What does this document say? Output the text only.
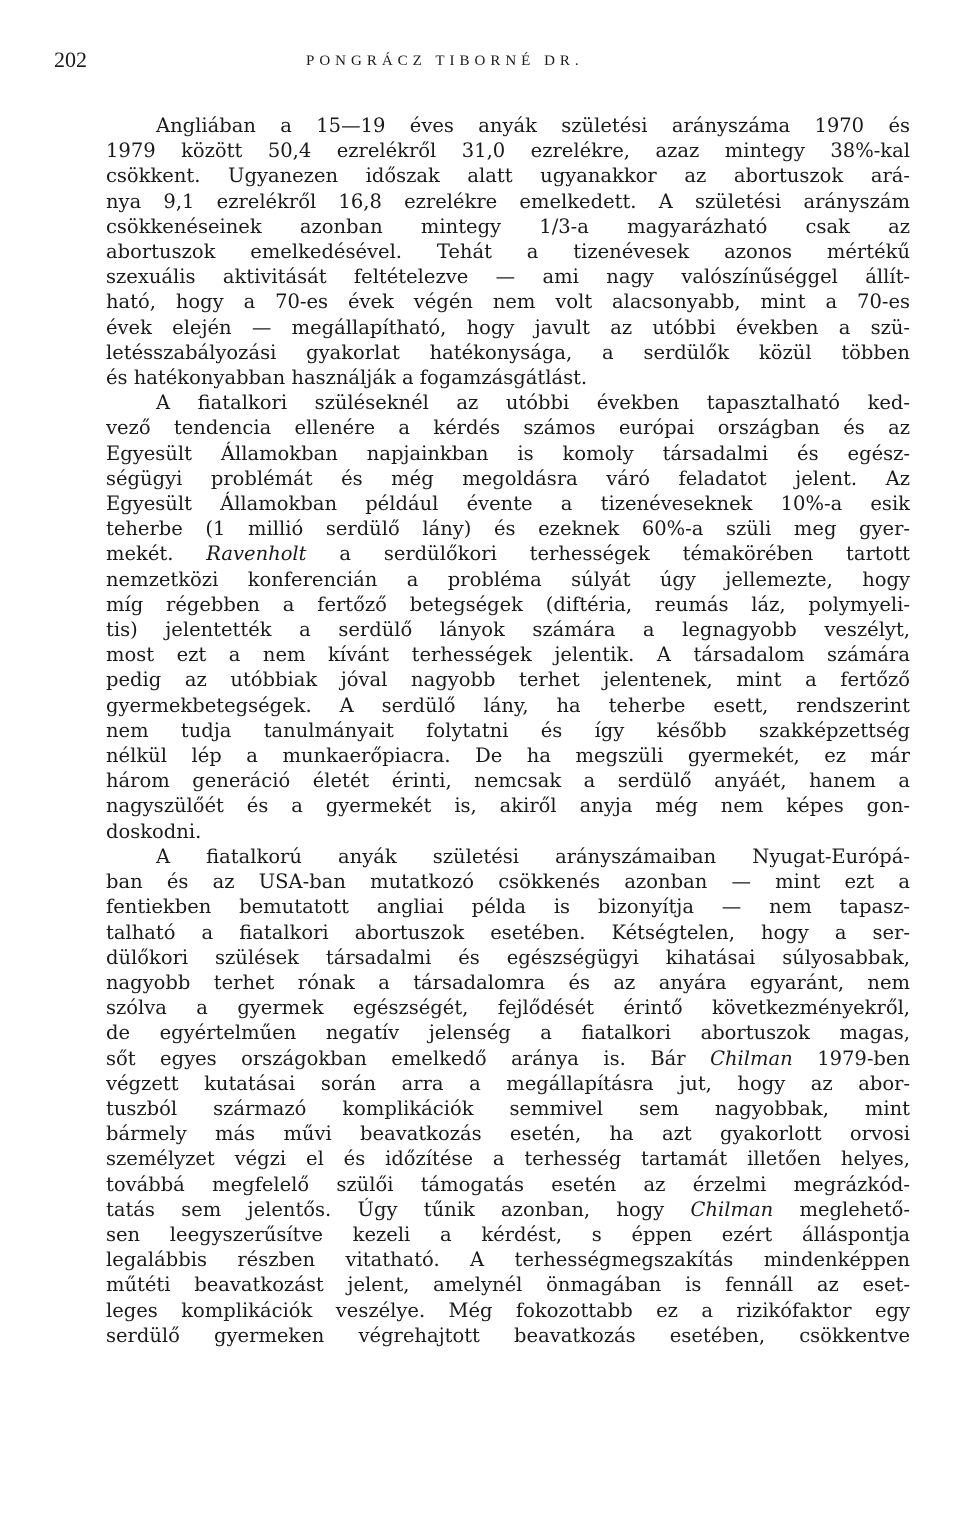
202	PONGRÁCZ TIBORNÉ DR.
Angliában a 15—19 éves anyák születési arányszáma 1970 és
1979 között 50,4 ezrelékről 31,0 ezrelékre, azaz mintegy 38%-kal
csökkent. Ugyanezen időszak alatt ugyanakkor az abortuszok ará-
nya 9,1 ezrelékről 16,8 ezrelékre emelkedett. A születési arányszám
csökkenéseinek azonban mintegy 1/3-a magyarázható csak az
abortuszok emelkedésével. Tehát a tizenévesek azonos mértékű
szexuális aktivitását feltételezve — ami nagy valószínűséggel állít-
ható, hogy a 70-es évek végén nem volt alacsonyabb, mint a 70-es
évek elején — megállapítható, hogy javult az utóbbi években a szü-
letésszabályozási gyakorlat hatékonysága, a serdülők közül többen
és hatékonyabban használják a fogamzásgátlást.
A fiatalkori szüléseknél az utóbbi években tapasztalható ked-
vező tendencia ellenére a kérdés számos európai országban és az
Egyesült Államokban napjainkban is komoly társadalmi és egész-
ségügyi problémát és még megoldásra váró feladatot jelent. Az
Egyesült Államokban például évente a tizenéveseknek 10%-a esik
teherbe (1 millió serdülő lány) és ezeknek 60%-a szüli meg gyer-
mekét. Ravenholt a serdülőkori terhességek témakörében tartott
nemzetközi konferencián a probléma súlyát úgy jellemezte, hogy
míg régebben a fertőző betegségek (diftéria, reumás láz, polymyeli-
tis) jelentették a serdülő lányok számára a legnagyobb veszélyt,
most ezt a nem kívánt terhességek jelentik. A társadalom számára
pedig az utóbbiak jóval nagyobb terhet jelentenek, mint a fertőző
gyermekbetegségek. A serdülő lány, ha teherbe esett, rendszerint
nem tudja tanulmányait folytatni és így később szakképzettség
nélkül lép a munkaerőpiacra. De ha megszüli gyermekét, ez már
három generáció életét érinti, nemcsak a serdülő anyáét, hanem a
nagyszülőét és a gyermekét is, akiről anyja még nem képes gon-
doskodni.
A fiatalkorú anyák születési arányszámaiban Nyugat-Európá-
ban és az USA-ban mutatkozó csökkenés azonban — mint ezt a
fentiekben bemutatott angliai példa is bizonyítja — nem tapasz-
talható a fiatalkori abortuszok esetében. Kétségtelen, hogy a ser-
dülőkori szülések társadalmi és egészségügyi kihatásai súlyosabbak,
nagyobb terhet rónak a társadalomra és az anyára egyaránt, nem
szólva a gyermek egészségét, fejlődését érintő következményekről,
de egyértelműen negatív jelenség a fiatalkori abortuszok magas,
sőt egyes országokban emelkedő aránya is. Bár Chilman 1979-ben
végzett kutatásai során arra a megállapításra jut, hogy az abor-
tuszból származó komplikációk semmivel sem nagyobbak, mint
bármely más művi beavatkozás esetén, ha azt gyakorlott orvosi
személyzet végzi el és időzítése a terhesség tartamát illetően helyes,
továbbá megfelelő szülői támogatás esetén az érzelmi megrázkód-
tatás sem jelentős. Úgy tűnik azonban, hogy Chilman meglehető-
sen leegyszerűsítve kezeli a kérdést, s éppen ezért álláspontja
legalábbis részben vitatható. A terhességmegszakítás mindenképpen
műtéti beavatkozást jelent, amelynél önmagában is fennáll az eset-
leges komplikációk veszélye. Még fokozottabb ez a rizikófaktor egy
serdülő gyermeken végrehajtott beavatkozás esetében, csökkentve
